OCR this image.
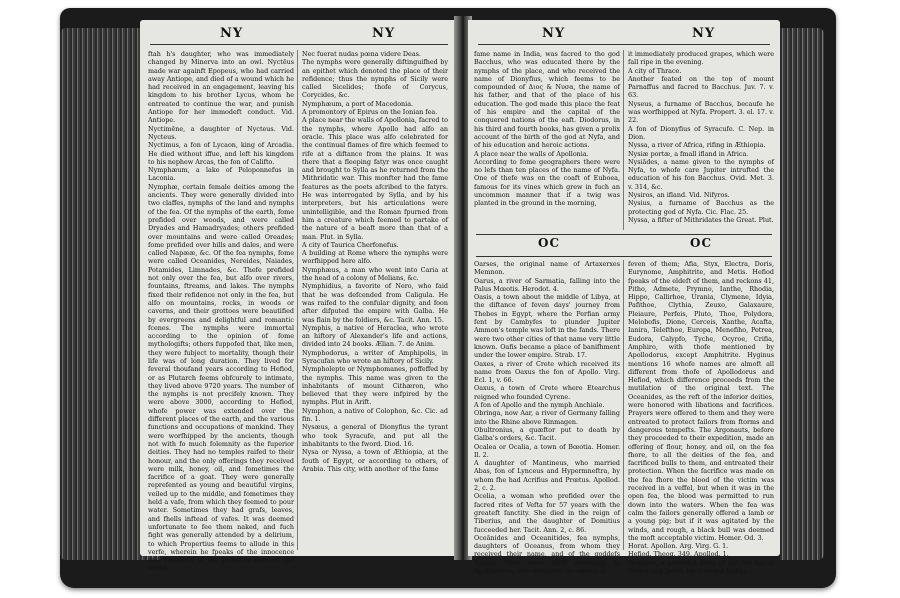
NY	NY
ftah h's daughter, who was immediately changed by Minerva into an owl. Nyctēus made war againft Epopeus, who had carried away Antiope, and died of a wound which he had received in an engagement, leaving his kingdom to his brother Lycus, whom he entreated to continue the war, and punish Antiope for her immodeft conduct. Vid. Antiope.
Nyctimēne, a daughter of Nycteus. Vid. Nycteus.
Nyctimus, a fon of Lycaon, king of Arcadia. He died without iffue, and left his kingdom to his nephew Arcas, the fon of Califto.
Nymphæum, a lake of Peloponnefus in Laconia.
Nymphæ, certain female deities among the ancients. They were generally divided into two claffes, nymphs of the land and nymphs of the fea. Of the nymphs of the earth, fome prefided over woods, and were called Dryades and Hamadryades; others prefided over mountains and were called Oreades; fome prefided over hills and dales, and were called Napææ, &c. Of the fea nymphs, fome were called Oceanides, Nereides, Naiades, Potamides, Limnades, &c. Thefe prefided not only over the fea, but alfo over rivers, fountains, ftreams, and lakes. The nymphs fixed their refidence not only in the fea, but alfo on mountains, rocks, in woods or caverns, and their grottoes were beautified by evergreens and delightful and romantic fcenes. The nymphs were immortal according to the opinion of fome mythologifts; others fuppofed that, like men, they were fubject to mortality, though their life was of long duration. They lived for feveral thoufand years according to Hefiod, or as Plutarch feems obfcurely to intimate, they lived above 9720 years. The number of the nymphs is not precifely known. They were above 3000, according to Hefiod, whofe power was extended over the different places of the earth, and the various functions and occupations of mankind. They were worfhipped by the ancients, though not with fo much folemnity as the fuperior deities. They had no temples raifed to their honour, and the only offerings they received were milk, honey, oil, and fometimes the facrifice of a goat. They were generally reprefented as young and beautiful virgins, veiled up to the middle, and fometimes they held a vafe, from which they feemed to pour water. Sometimes they had grafs, leaves, and fhells inftead of vafes. It was deemed unfortunate to fee them naked, and fuch fight was generally attended by a delirium, to which Propertius feems to allude in this verfe, wherein he fpeaks of the innocence and fimplicity of the primitive ages of the world,
Nec fuerat nudas pœna videre Deas.
The nymphs were generally diftinguifhed by an epithet which denoted the place of their refidence; thus the nymphs of Sicily were called Sicelides; thofe of Corycus, Corycides, &c.
Nymphæum, a port of Macedonia.
A promontory of Epirus on the Ionian fea.
A place near the walls of Apollonia, facred to the nymphs, where Apollo had alfo an oracle. This place was alfo celebrated for the continual flames of fire which feemed to rife at a diftance from the plains. It was there that a fleeping fatyr was once caught and brought to Sylla as he returned from the Mithridatic war. This monfter had the fame features as the poets afcribed to the fatyrs. He was interrogated by Sylla, and by his interpreters, but his articulations were unintelligible, and the Roman fpurned from him a creature which feemed to partake of the nature of a beaft more than that of a man. Plut. in Sylla.
A city of Taurica Cherfonefus.
A building at Rome where the nymphs were worfhipped here alfo.
Nymphæus, a man who went into Caria at the head of a colony of Melians, &c.
Nymphidius, a favorite of Nero, who faid that he was defcended from Caligula. He was raifed to the confular dignity, and foon after difputed the empire with Galba. He was flain by the foldiers, &c. Tacit. Ann. 15.
Nymphis, a native of Heraclea, who wrote an hiftory of Alexander's life and actions, divided into 24 books. Ælian. 7. de Anim.
Nymphodorus, a writer of Amphipolis, in Syracufan who wrote an hiftory of Sicily.
Nympholepte or Nymphomanes, poffeffed by the nymphs. This name was given to the inhabitants of mount Cithæron, who believed that they were infpired by the nymphs. Plut in Arift.
Nymphon, a native of Colophon, &c. Cic. ad fin. 1.
Nysæus, a general of Dionyfius the tyrant who took Syracufe, and put all the inhabitants to the fword. Diod. 16.
Nysa or Nyssa, a town of Æthiopia, at the fouth of Egypt, or according to others, of Arabia. This city, with another of the fame
NY	NY
fame name in India, was facred to the god Bacchus, who was educated there by the nymphs of the place, and who received the name of Dionyfius, which feems to be compounded of Διος & Νυσα, the name of his father, and that of the place of his education. The god made this place the feat of his empire and the capital of the conquered nations of the eaft. Diodorus, in his third and fourth books, has given a prolix account of the birth of the god at Nyfa, and of his education and heroic actions.
A place near the walls of Apollonia.
According to fome geographers there were no lefs than ten places of the name of Nyfa. One of thefe was on the coaft of Euboea, famous for its vines which grew in fuch an uncommon manner that if a twig was planted in the ground in the morning,
it immediately produced grapes, which were fall ripe in the evening.
A city of Thrace.
Another feated on the top of mount Parnaffus and facred to Bacchus. Juv. 7. v. 63.
Nyseus, a furname of Bacchus, becaufe he was worfhipped at Nyfa. Propert. 3. el. 17. v. 22.
A fon of Dionyfius of Syracufe. C. Nep. in Dion.
Nyssa, a river of Africa, rifing in Æthiopia.
Nysiæ portæ, a fmall ifland in Africa.
Nysiădes, a name given to the nymphs of Nyfa, to whofe care Jupiter intrufted the education of his fon Bacchus. Ovid. Met. 3. v. 314, &c.
Nysiros, an ifland. Vid. Nifyros.
Nysius, a furname of Bacchus as the protecting god of Nyfa. Cic. Flac. 25.
Nyssa, a fifter of Mithridates the Great. Plut.
OC	OC
Oarses, the original name of Artaxerxes Memnon.
Oarus, a river of Sarmatia, falling into the Palus Mœotis. Herodot. 4.
Oasis, a town about the middle of Libya, at the diftance of feven days' journey from Thebes in Egypt, where the Perfian army fent by Cambyfes to plunder Jupiter Ammon's temple was loft in the fands. There were two other cities of that name very little known. Oafis became a place of banifhment under the lower empire. Strab. 17.
Oaxes, a river of Crete which received its name from Oaxus the fon of Apollo. Virg. Ecl. 1, v. 66.
Oaxus, a town of Crete where Etearchus reigned who founded Cyrene.
A fon of Apollo and the nymph Anchiale.
Obringa, now Aar, a river of Germany falling into the Rhine above Rinmagen.
Obultronius, a quæftor put to death by Galba's orders, &c. Tacit.
Ocalea or Ocalia, a town of Bœotia. Homer. Il. 2.
A daughter of Mantineus, who married Abas, fon of Lynceus and Hypermneftra, by whom fhe had Acrifius and Prœtus. Apollod. 2, c. 2.
Ocelia, a woman who prefided over the facred rites of Vefta for 57 years with the greateft fanctity. She died in the reign of Tiberius, and the daughter of Domitius fucceeded her. Tacit. Ann. 2, c. 86.
Oceănides and Oceanitides, fea nymphs, daughters of Oceanus, from whom they received their name, and of the goddefs Tethys. They were 3000 according to Apollodorus, who mentions the names of
feven of them; Afia, Styx, Electra, Doris, Eurynome, Amphitrite, and Metis. Hefiod fpeaks of the eldeft of them, and reckons 41, Pitho, Admete, Prymno, Ianthe, Rhodia, Hippo, Callirhoe, Urania, Clymene, Idyia, Pafithoe, Clythia, Zeuxo, Galaxaure, Pleiaure, Perfeis, Pluto, Thoe, Polydora, Melobofis, Dione, Cerceis, Xanthe, Acafta, Ianira, Telefthoe, Europa, Menefiho, Petrea, Eudora, Calypfo, Tyche, Ocyroe, Crifia, Amphiro, with thofe mentioned by Apollodorus, except Amphitrite. Hyginus mentions 16 whofe names are almoft all different from thofe of Apollodorus and Hefiod, which difference proceeds from the mutilation of the original text. The Oceanides, as the reft of the inferior deities, were honored with libations and facrifices. Prayers were offered to them and they were entreated to protect failors from ftorms and dangerous tempefts. The Argonauts, before they proceeded to their expedition, made an offering of flour, honey, and oil, on the fea fhore, to all the deities of the fea, and facrificed bulls to them, and entreated their protection. When the facrifice was made on the fea fhore the blood of the victim was received in a veffel, but when it was in the open fea, the blood was permitted to run down into the waters. When the fea was calm the failors generally offered a lamb or a young pig; but if it was agitated by the winds, and rough, a black bull was deemed the moft acceptable victim. Homer. Od. 3.
Horat. Apollon. Arg. Virg. G. 1.
Hefiod. Theog. 349. Apollod. 1.
Oceănus, a powerful deity of the fea fon of Cœlus and Terra. He married Tethys
